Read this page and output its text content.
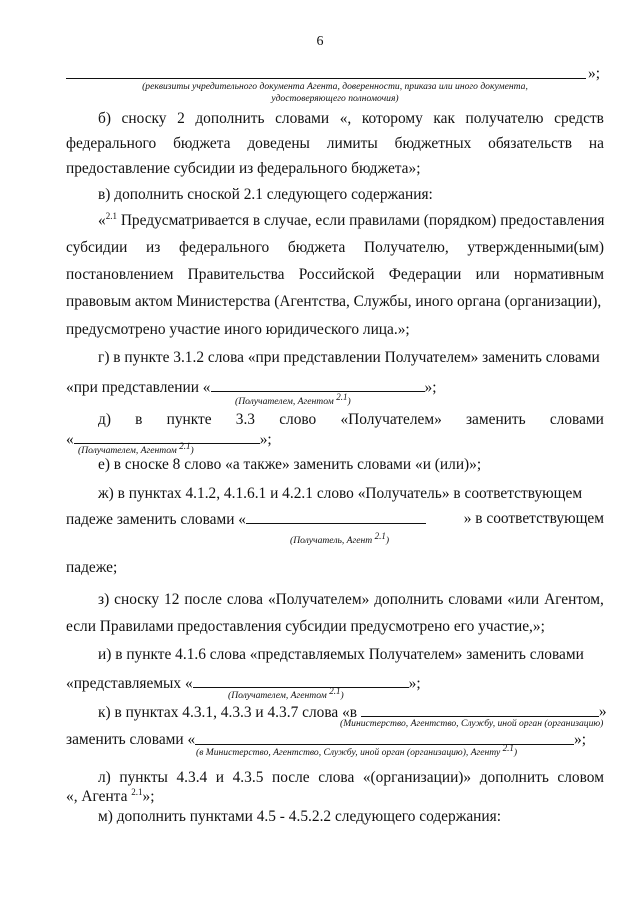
6
»;
(реквизиты учредительного документа Агента, доверенности, приказа или иного документа,
удостоверяющего полномочия)
б) сноску 2 дополнить словами «, которому как получателю средств
федерального бюджета доведены лимиты бюджетных обязательств на
предоставление субсидии из федерального бюджета»;
в) дополнить сноской 2.1 следующего содержания:
«$^{2.1}$ Предусматривается в случае, если правилами (порядком) предоставления
субсидии из федерального бюджета Получателю, утвержденными(ым)
постановлением Правительства Российской Федерации или нормативным
правовым актом Министерства (Агентства, Службы, иного органа (организации),
предусмотрено участие иного юридического лица.»;
г) в пункте 3.1.2 слова «при представлении Получателем» заменить словами
«при представлении «	»;
(Получателем, Агентом $^{2.1}$)
д) в пункте 3.3 слово «Получателем» заменить словами
«	»;
(Получателем, Агентом $^{2.1}$)
е) в сноске 8 слово «а также» заменить словами «и (или)»;
ж) в пунктах 4.1.2, 4.1.6.1 и 4.2.1 слово «Получатель» в соответствующем
падеже заменить словами «	» в соответствующем
(Получатель, Агент $^{2.1}$)
падеже;
з) сноску 12 после слова «Получателем» дополнить словами «или Агентом,
если Правилами предоставления субсидии предусмотрено его участие,»;
и) в пункте 4.1.6 слова «представляемых Получателем» заменить словами
«представляемых «	»;
(Получателем, Агентом $^{2.1}$)
к) в пунктах 4.3.1, 4.3.3 и 4.3.7 слова «в	»
(Министерство, Агентство, Службу, иной орган (организацию)
заменить словами «	»;
(в Министерство, Агентство, Службу, иной орган (организацию), Агенту $^{2.1}$)
л) пункты 4.3.4 и 4.3.5 после слова «(организации)» дополнить словом
«, Агента $^{2.1}$»;
м) дополнить пунктами 4.5 - 4.5.2.2 следующего содержания:
